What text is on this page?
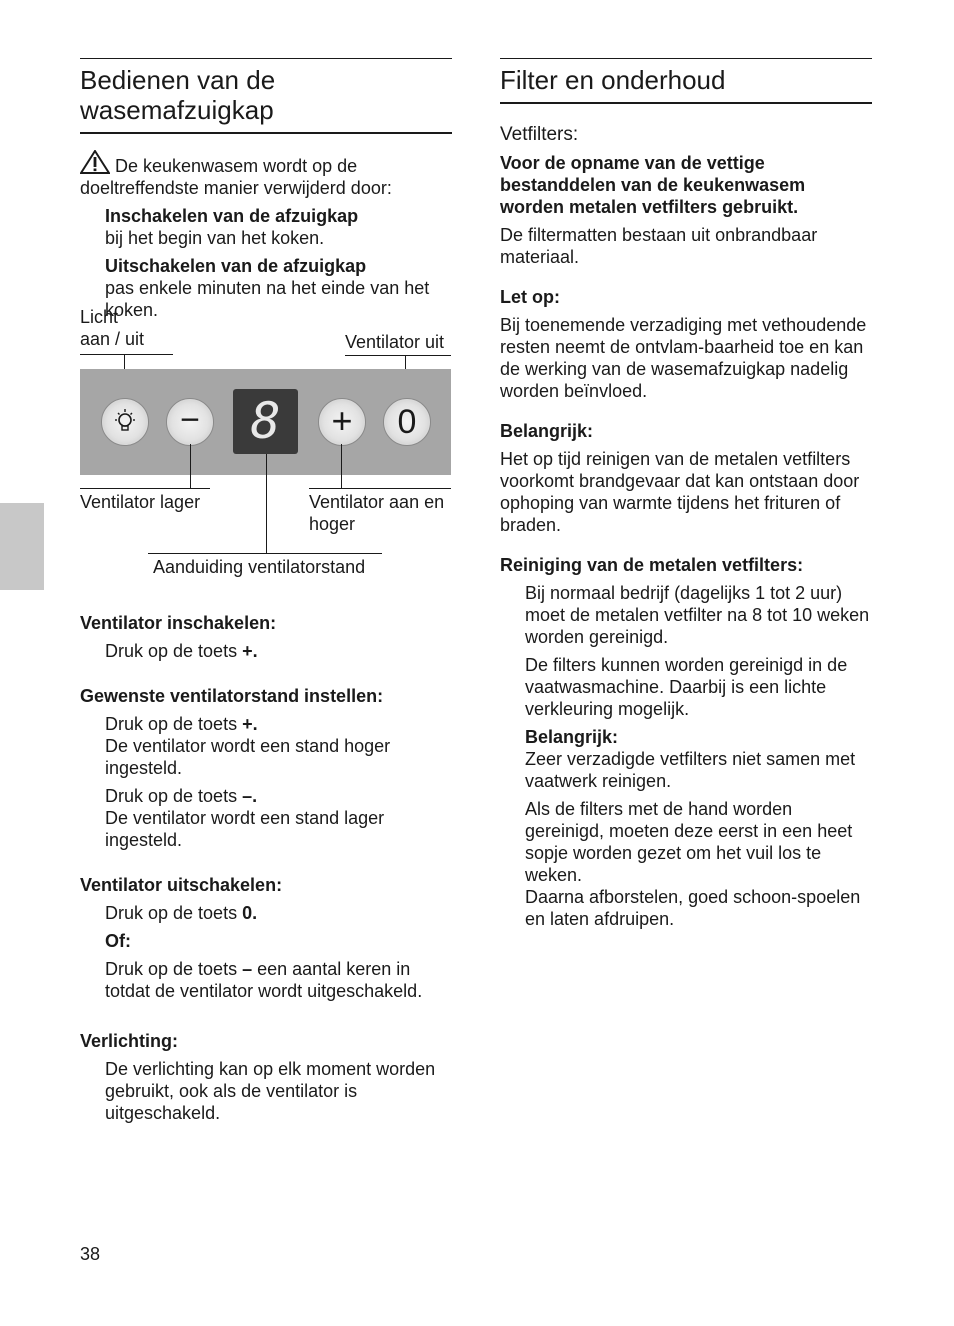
Bedienen van de wasemafzuigkap

De keukenwasem wordt op de doeltreffendste manier verwijderd door:

Inschakelen van de afzuigkap

bij het begin van het koken.

Uitschakelen van de afzuigkap

pas enkele minuten na het einde van het koken.

Licht
aan / uit	Ventilator uit
−	8	+	0
Ventilator lager	Ventilator aan en
hoger
Aanduiding ventilatorstand

Ventilator inschakelen:

Druk op de toets +.

Gewenste ventilatorstand instellen:

Druk op de toets +.

De ventilator wordt een stand hoger ingesteld.

Druk op de toets –.

De ventilator wordt een stand lager ingesteld.

Ventilator uitschakelen:

Druk op de toets 0.

Of:

Druk op de toets – een aantal keren in totdat de ventilator wordt uitgeschakeld.

Verlichting:

De verlichting kan op elk moment worden gebruikt, ook als de ventilator is uitgeschakeld.

Filter en onderhoud

Vetfilters:

Voor de opname van de vettige bestanddelen van de keukenwasem worden metalen vetfilters gebruikt.

De filtermatten bestaan uit onbrandbaar materiaal.

Let op:

Bij toenemende verzadiging met vethoudende resten neemt de ontvlam-baarheid toe en kan de werking van de wasemafzuigkap nadelig worden beïnvloed.

Belangrijk:

Het op tijd reinigen van de metalen vetfilters voorkomt brandgevaar dat kan ontstaan door ophoping van warmte tijdens het frituren of braden.

Reiniging van de metalen vetfilters:

Bij normaal bedrijf (dagelijks 1 tot 2 uur) moet de metalen vetfilter na 8 tot 10 weken worden gereinigd.

De filters kunnen worden gereinigd in de vaatwasmachine. Daarbij is een lichte verkleuring mogelijk.

Belangrijk:

Zeer verzadigde vetfilters niet samen met vaatwerk reinigen.

Als de filters met de hand worden gereinigd, moeten deze eerst in een heet sopje worden gezet om het vuil los te weken.

Daarna afborstelen, goed schoon-spoelen en laten afdruipen.

38
